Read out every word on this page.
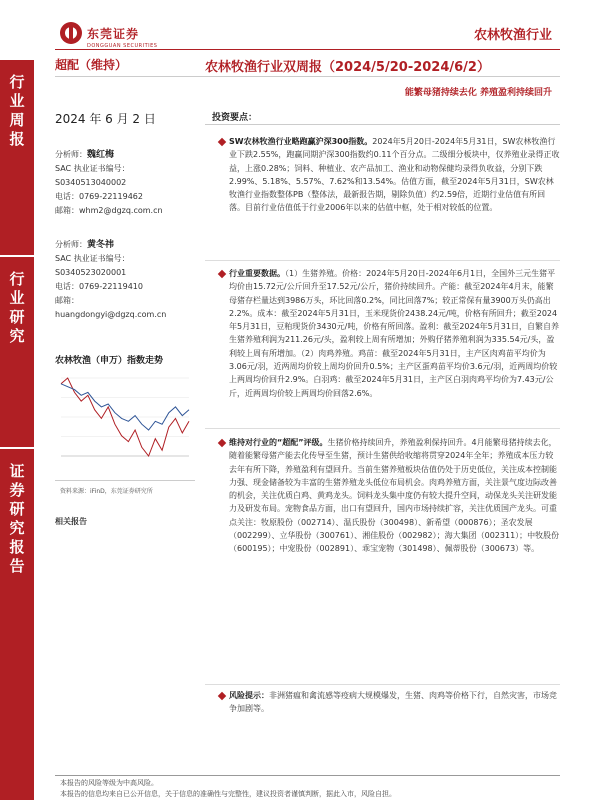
东莞证券
DONGGUAN SECURITIES
农林牧渔行业
行业周报
行业研究
证券研究报告
超配（维持）
2024 年 6 月 2 日
分析师：魏红梅
SAC 执业证书编号：
S0340513040002
电话：0769-22119462
邮箱：whm2@dgzq.com.cn
分析师：黄冬祎
SAC 执业证书编号：
S0340523020001
电话：0769-22119410
邮箱：
huangdongyi@dgzq.com.cn
农林牧渔（申万）指数走势
资料来源：iFinD，东莞证券研究所
相关报告
农林牧渔行业双周报（2024/5/20-2024/6/2）
能繁母猪持续去化 养殖盈利持续回升
投资要点：
SW农林牧渔行业略跑赢沪深300指数。2024年5月20日-2024年5月31日，SW农林牧渔行业下跌2.55%，跑赢同期沪深300指数约0.11个百分点。二级细分板块中，仅养殖业录得正收益，上涨0.28%；饲料、种植业、农产品加工、渔业和动物保健均录得负收益，分别下跌2.99%、5.18%、5.57%、7.62%和13.54%。估值方面，截至2024年5月31日，SW农林牧渔行业指数整体PB（整体法，最新报告期，剔除负值）约2.59倍，近期行业估值有所回落。目前行业估值低于行业2006年以来的估值中枢，处于相对较低的位置。
行业重要数据。（1）生猪养殖。价格：2024年5月20日-2024年6月1日，全国外三元生猪平均价由15.72元/公斤回升至17.52元/公斤，猪价持续回升。产能：截至2024年4月末，能繁母猪存栏量达到3986万头，环比回落0.2%，同比回落7%；较正常保有量3900万头仍高出2.2%。成本：截至2024年5月31日，玉米现货价2438.24元/吨，价格有所回升；截至2024年5月31日，豆粕现货价3430元/吨，价格有所回落。盈利：截至2024年5月31日，自繁自养生猪养殖利润为211.26元/头，盈利较上周有所增加；外购仔猪养殖利润为335.54元/头，盈利较上周有所增加。（2）肉鸡养殖。鸡苗：截至2024年5月31日，主产区肉鸡苗平均价为3.06元/羽，近两周均价较上周均价回升0.5%；主产区蛋鸡苗平均价3.6元/羽，近两周均价较上两周均价回升2.9%。白羽鸡：截至2024年5月31日，主产区白羽肉鸡平均价为7.43元/公斤，近两周均价较上两周均价回落2.6%。
维持对行业的“超配”评级。生猪价格持续回升，养殖盈利保持回升。4月能繁母猪持续去化，随着能繁母猪产能去化传导至生猪，预计生猪供给收缩将贯穿2024年全年；养殖成本压力较去年有所下降，养殖盈利有望回升。当前生猪养殖板块估值仍处于历史低位，关注成本控制能力强、现金储备较为丰富的生猪养殖龙头低位布局机会。肉鸡养殖方面，关注景气度边际改善的机会，关注优质白鸡、黄鸡龙头。饲料龙头集中度仍有较大提升空间，动保龙头关注研发能力及研发布局。宠物食品方面，出口有望回升，国内市场持续扩容，关注优质国产龙头。可重点关注：牧原股份（002714）、温氏股份（300498）、新希望（000876）；圣农发展（002299）、立华股份（300761）、湘佳股份（002982）；海大集团（002311）；中牧股份（600195）；中宠股份（002891）、乖宝宠物（301498）、佩蒂股份（300673）等。
风险提示：非洲猪瘟和禽流感等疫病大规模爆发，生猪、肉鸡等价格下行，自然灾害，市场竞争加剧等。
本报告的风险等级为中高风险。
本报告的信息均来自已公开信息，关于信息的准确性与完整性，建议投资者谨慎判断，据此入市，风险自担。
